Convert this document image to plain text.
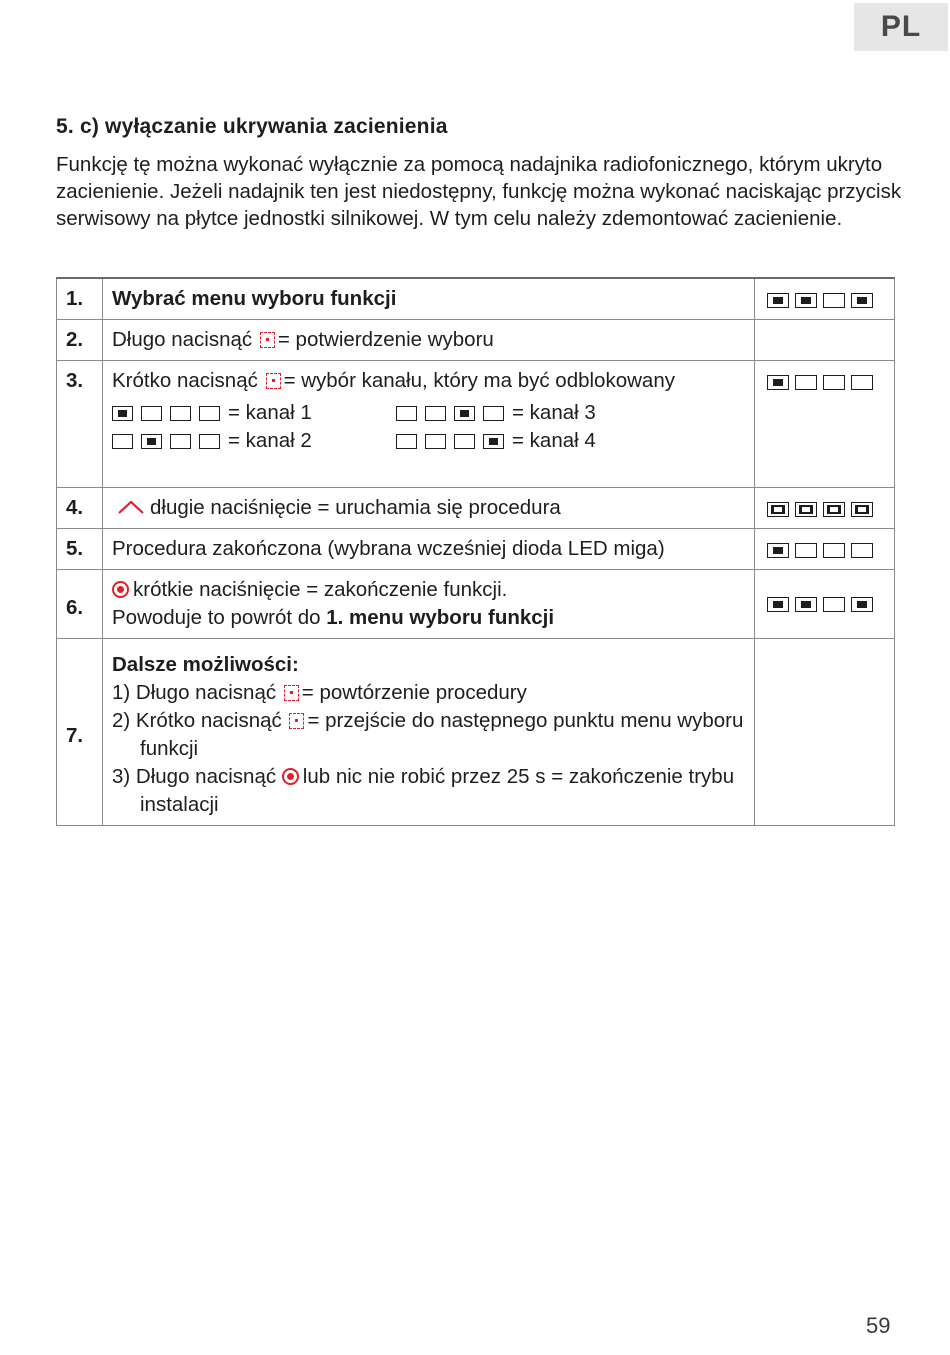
PL
5. c) wyłączanie ukrywania zacienienia

Funkcję tę można wykonać wyłącznie za pomocą nadajnika radiofonicznego, którym ukryto zacienienie. Jeżeli nadajnik ten jest niedostępny, funkcję można wykonać naciskając przycisk serwisowy na płytce jednostki silnikowej. W tym celu należy zdemontować zacienienie.

1.	Wybrać menu wyboru funkcji	
2.	Długo nacisnąć = potwierdzenie wyboru	
3.	Krótko nacisnąć = wybór kanału, który ma być odblokowany
= kanał 1 = kanał 3
= kanał 2 = kanał 4	

4.	długie naciśnięcie = uruchamia się procedura	
5.	Procedura zakończona (wybrana wcześniej dioda LED miga)	
6.	krótkie naciśnięcie = zakończenie funkcji.
Powoduje to powrót do 1. menu wyboru funkcji	

7.	Dalsze możliwości:
1) Długo nacisnąć = powtórzenie procedury
2) Krótko nacisnąć = przejście do następnego punktu menu wyboru funkcji
3) Długo nacisnąć lub nic nie robić przez 25 s = zakończenie trybu instalacji	

59
